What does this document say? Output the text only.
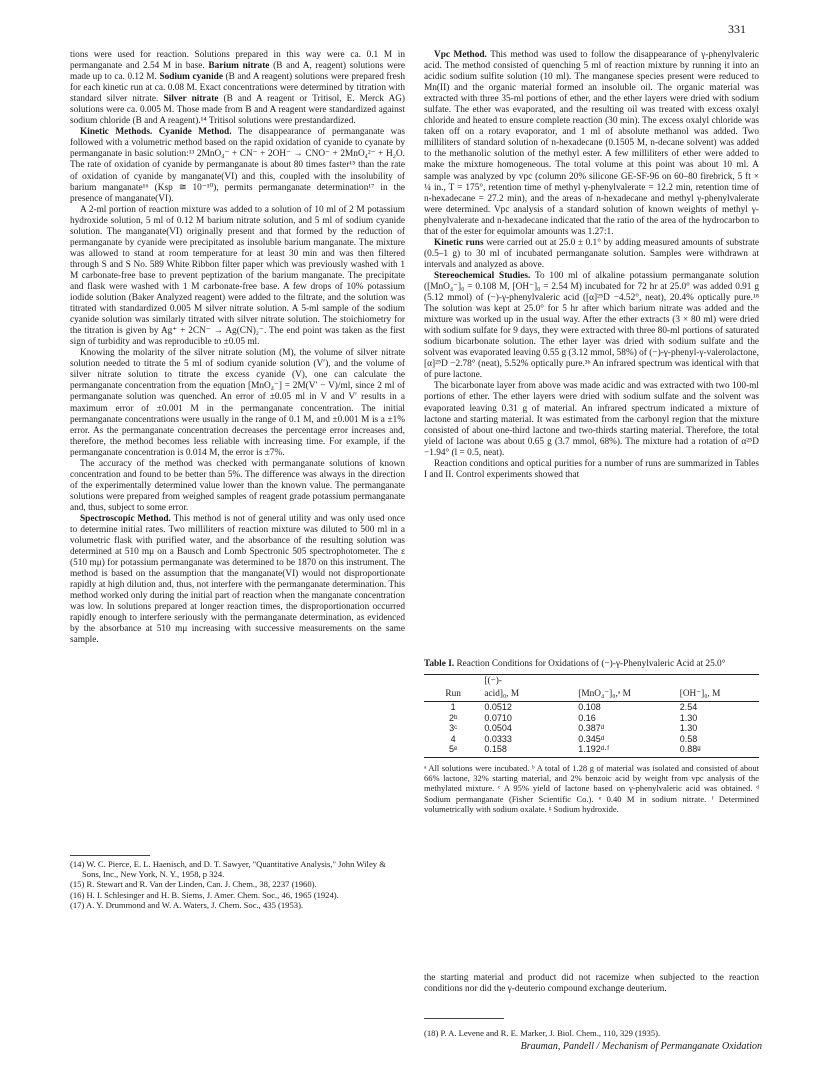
331

tions were used for reaction. Solutions prepared in this way were ca. 0.1 M in permanganate and 2.54 M in base. Barium nitrate (B and A, reagent) solutions were made up to ca. 0.12 M. Sodium cyanide (B and A reagent) solutions were prepared fresh for each kinetic run at ca. 0.08 M. Exact concentrations were determined by titration with standard silver nitrate. Silver nitrate (B and A reagent or Tritisol, E. Merck AG) solutions were ca. 0.005 M. Those made from B and A reagent were standardized against sodium chloride (B and A reagent).¹⁴ Tritisol solutions were prestandardized.

Kinetic Methods. Cyanide Method. The disappearance of permanganate was followed with a volumetric method based on the rapid oxidation of cyanide to cyanate by permanganate in basic solution:¹³ 2MnO₄⁻ + CN⁻ + 2OH⁻ → CNO⁻ + 2MnO₄²⁻ + H₂O. The rate of oxidation of cyanide by permanganate is about 80 times faster¹⁵ than the rate of oxidation of cyanide by manganate(VI) and this, coupled with the insolubility of barium manganate¹⁶ (Ksp ≅ 10⁻¹⁰), permits permanganate determination¹⁷ in the presence of manganate(VI).

A 2-ml portion of reaction mixture was added to a solution of 10 ml of 2 M potassium hydroxide solution, 5 ml of 0.12 M barium nitrate solution, and 5 ml of sodium cyanide solution. The manganate(VI) originally present and that formed by the reduction of permanganate by cyanide were precipitated as insoluble barium manganate. The mixture was allowed to stand at room temperature for at least 30 min and was then filtered through S and S No. 589 White Ribbon filter paper which was previously washed with 1 M carbonate-free base to prevent peptization of the barium manganate. The precipitate and flask were washed with 1 M carbonate-free base. A few drops of 10% potassium iodide solution (Baker Analyzed reagent) were added to the filtrate, and the solution was titrated with standardized 0.005 M silver nitrate solution. A 5-ml sample of the sodium cyanide solution was similarly titrated with silver nitrate solution. The stoichiometry for the titration is given by Ag⁺ + 2CN⁻ → Ag(CN)₂⁻. The end point was taken as the first sign of turbidity and was reproducible to ±0.05 ml.

Knowing the molarity of the silver nitrate solution (M), the volume of silver nitrate solution needed to titrate the 5 ml of sodium cyanide solution (V′), and the volume of silver nitrate solution to titrate the excess cyanide (V), one can calculate the permanganate concentration from the equation [MnO₄⁻] = 2M(V′ − V)/ml, since 2 ml of permanganate solution was quenched. An error of ±0.05 ml in V and V′ results in a maximum error of ±0.001 M in the permanganate concentration. The initial permanganate concentrations were usually in the range of 0.1 M, and ±0.001 M is a ±1% error. As the permanganate concentration decreases the percentage error increases and, therefore, the method becomes less reliable with increasing time. For example, if the permanganate concentration is 0.014 M, the error is ±7%.

The accuracy of the method was checked with permanganate solutions of known concentration and found to be better than 5%. The difference was always in the direction of the experimentally determined value lower than the known value. The permanganate solutions were prepared from weighed samples of reagent grade potassium permanganate and, thus, subject to some error.

Spectroscopic Method. This method is not of general utility and was only used once to determine initial rates. Two milliliters of reaction mixture was diluted to 500 ml in a volumetric flask with purified water, and the absorbance of the resulting solution was determined at 510 mμ on a Bausch and Lomb Spectronic 505 spectrophotometer. The ε (510 mμ) for potassium permanganate was determined to be 1870 on this instrument. The method is based on the assumption that the manganate(VI) would not disproportionate rapidly at high dilution and, thus, not interfere with the permanganate determination. This method worked only during the initial part of reaction when the manganate concentration was low. In solutions prepared at longer reaction times, the disproportionation occurred rapidly enough to interfere seriously with the permanganate determination, as evidenced by the absorbance at 510 mμ increasing with successive measurements on the same sample.

(14) W. C. Pierce, E. L. Haenisch, and D. T. Sawyer, "Quantitative Analysis," John Wiley & Sons, Inc., New York, N. Y., 1958, p 324.

(15) R. Stewart and R. Van der Linden, Can. J. Chem., 38, 2237 (1960).

(16) H. I. Schlesinger and H. B. Siems, J. Amer. Chem. Soc., 46, 1965 (1924).

(17) A. Y. Drummond and W. A. Waters, J. Chem. Soc., 435 (1953).

Vpc Method. This method was used to follow the disappearance of γ-phenylvaleric acid. The method consisted of quenching 5 ml of reaction mixture by running it into an acidic sodium sulfite solution (10 ml). The manganese species present were reduced to Mn(II) and the organic material formed an insoluble oil. The organic material was extracted with three 35-ml portions of ether, and the ether layers were dried with sodium sulfate. The ether was evaporated, and the resulting oil was treated with excess oxalyl chloride and heated to ensure complete reaction (30 min). The excess oxalyl chloride was taken off on a rotary evaporator, and 1 ml of absolute methanol was added. Two milliliters of standard solution of n-hexadecane (0.1505 M, n-decane solvent) was added to the methanolic solution of the methyl ester. A few milliliters of ether were added to make the mixture homogeneous. The total volume at this point was about 10 ml. A sample was analyzed by vpc (column 20% silicone GE-SF-96 on 60–80 firebrick, 5 ft × ¼ in., T = 175°, retention time of methyl γ-phenylvalerate = 12.2 min, retention time of n-hexadecane = 27.2 min), and the areas of n-hexadecane and methyl γ-phenylvalerate were determined. Vpc analysis of a standard solution of known weights of methyl γ-phenylvalerate and n-hexadecane indicated that the ratio of the area of the hydrocarbon to that of the ester for equimolar amounts was 1.27:1.

Kinetic runs were carried out at 25.0 ± 0.1° by adding measured amounts of substrate (0.5–1 g) to 30 ml of incubated permanganate solution. Samples were withdrawn at intervals and analyzed as above.

Stereochemical Studies. To 100 ml of alkaline potassium permanganate solution ([MnO₄⁻]₀ = 0.108 M, [OH⁻]₀ = 2.54 M) incubated for 72 hr at 25.0° was added 0.91 g (5.12 mmol) of (−)-γ-phenylvaleric acid ([α]²⁵D −4.52°, neat), 20.4% optically pure.¹⁸ The solution was kept at 25.0° for 5 hr after which barium nitrate was added and the mixture was worked up in the usual way. After the ether extracts (3 × 80 ml) were dried with sodium sulfate for 9 days, they were extracted with three 80-ml portions of saturated sodium bicarbonate solution. The ether layer was dried with sodium sulfate and the solvent was evaporated leaving 0.55 g (3.12 mmol, 58%) of (−)-γ-phenyl-γ-valerolactone, [α]²⁵D −2.78° (neat), 5.52% optically pure.³ᵇ An infrared spectrum was identical with that of pure lactone.

The bicarbonate layer from above was made acidic and was extracted with two 100-ml portions of ether. The ether layers were dried with sodium sulfate and the solvent was evaporated leaving 0.31 g of material. An infrared spectrum indicated a mixture of lactone and starting material. It was estimated from the carbonyl region that the mixture consisted of about one-third lactone and two-thirds starting material. Therefore, the total yield of lactone was about 0.65 g (3.7 mmol, 68%). The mixture had a rotation of α²⁵D −1.94° (l = 0.5, neat).

Reaction conditions and optical purities for a number of runs are summarized in Tables I and II. Control experiments showed that

Table I. Reaction Conditions for Oxidations of (−)-γ-Phenylvaleric Acid at 25.0°

	[(−)-		
Run	acid]₀, M	[MnO₄⁻]₀,ᵃ M	[OH⁻]₀, M
1	0.0512	0.108	2.54
2ᵇ	0.0710	0.16	1.30
3ᶜ	0.0504	0.387ᵈ	1.30
4	0.0333	0.345ᵈ	0.58
5ᵉ	0.158	1.192ᵈ·ᶠ	0.88ᵍ

ᵃ All solutions were incubated. ᵇ A total of 1.28 g of material was isolated and consisted of about 66% lactone, 32% starting material, and 2% benzoic acid by weight from vpc analysis of the methylated mixture. ᶜ A 95% yield of lactone based on γ-phenylvaleric acid was obtained. ᵈ Sodium permanganate (Fisher Scientific Co.). ᵉ 0.40 M in sodium nitrate. ᶠ Determined volumetrically with sodium oxalate. ᵍ Sodium hydroxide.

the starting material and product did not racemize when subjected to the reaction conditions nor did the γ-deuterio compound exchange deuterium.

(18) P. A. Levene and R. E. Marker, J. Biol. Chem., 110, 329 (1935).

Brauman, Pandell / Mechanism of Permanganate Oxidation
